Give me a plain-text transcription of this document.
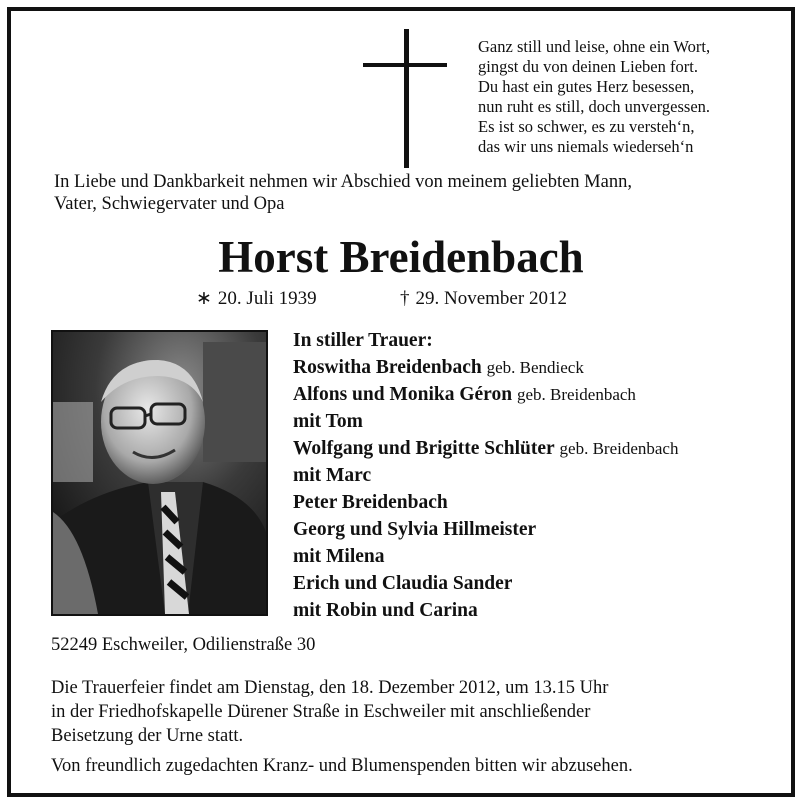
Ganz still und leise, ohne ein Wort,
gingst du von deinen Lieben fort.
Du hast ein gutes Herz besessen,
nun ruht es still, doch unvergessen.
Es ist so schwer, es zu versteh‘n,
das wir uns niemals wiederseh‘n
In Liebe und Dankbarkeit nehmen wir Abschied von meinem geliebten Mann,
Vater, Schwiegervater und Opa
Horst Breidenbach
∗ 20. Juli 1939	† 29. November 2012
In stiller Trauer:
Roswitha Breidenbach geb. Bendieck
Alfons und Monika Géron geb. Breidenbach
mit Tom
Wolfgang und Brigitte Schlüter geb. Breidenbach
mit Marc
Peter Breidenbach
Georg und Sylvia Hillmeister
mit Milena
Erich und Claudia Sander
mit Robin und Carina
52249 Eschweiler, Odilienstraße 30
Die Trauerfeier findet am Dienstag, den 18. Dezember 2012, um 13.15 Uhr
in der Friedhofskapelle Dürener Straße in Eschweiler mit anschließender
Beisetzung der Urne statt.
Von freundlich zugedachten Kranz- und Blumenspenden bitten wir abzusehen.
